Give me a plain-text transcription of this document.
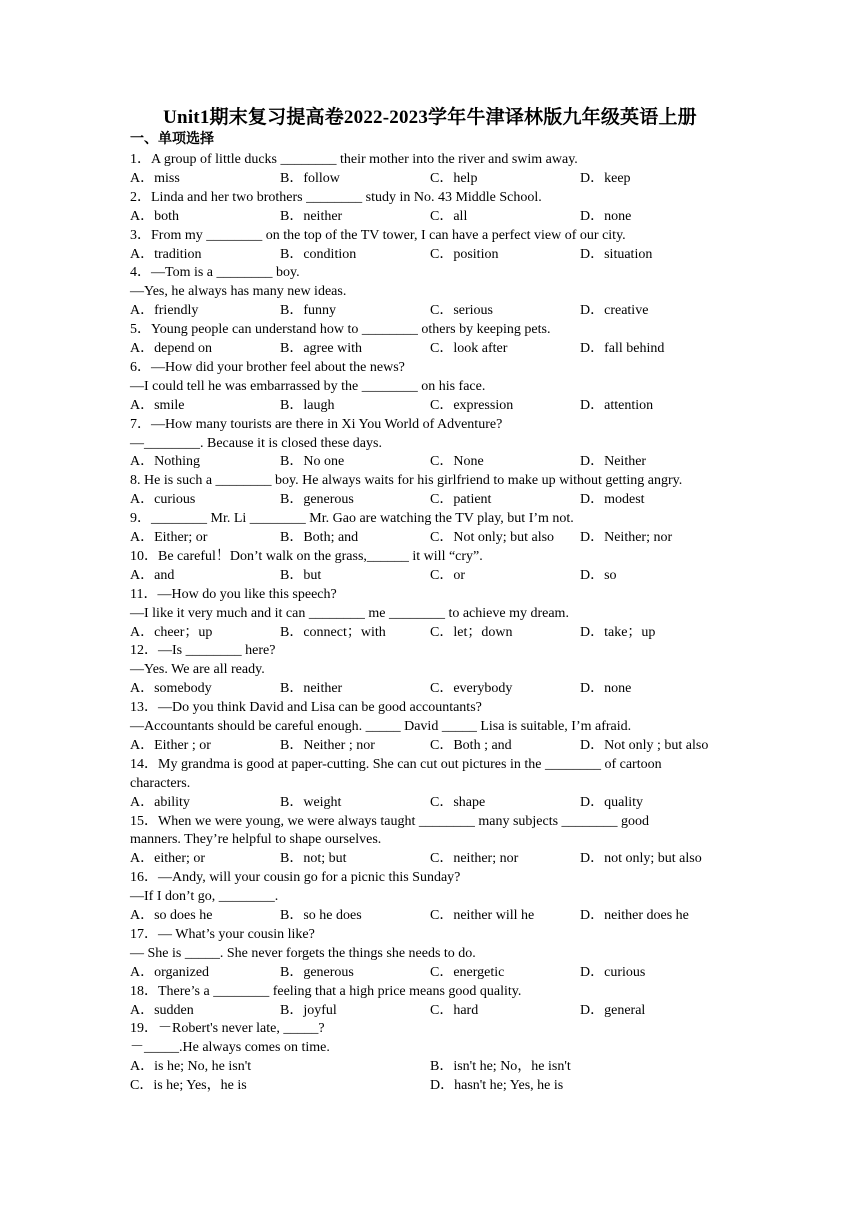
Unit1期末复习提高卷2022-2023学年牛津译林版九年级英语上册
一、单项选择
1．A group of little ducks ________ their mother into the river and swim away.
A．miss	B．follow	C．help	D．keep
2．Linda and her two brothers ________ study in No. 43 Middle School.
A．both	B．neither	C．all	D．none
3．From my ________ on the top of the TV tower, I can have a perfect view of our city.
A．tradition	B．condition	C．position	D．situation
4．—Tom is a ________ boy.
—Yes, he always has many new ideas.
A．friendly	B．funny	C．serious	D．creative
5．Young people can understand how to ________ others by keeping pets.
A．depend on	B．agree with	C．look after	D．fall behind
6．—How did your brother feel about the news?
—I could tell he was embarrassed by the ________ on his face.
A．smile	B．laugh	C．expression	D．attention
7．—How many tourists are there in Xi You World of Adventure?
—________. Because it is closed these days.
A．Nothing	B．No one	C．None	D．Neither
8. He is such a ________ boy. He always waits for his girlfriend to make up without getting angry.
A．curious	B．generous	C．patient	D．modest
9．________ Mr. Li ________ Mr. Gao are watching the TV play, but I’m not.
A．Either; or	B．Both; and	C．Not only; but also D．Neither; nor
10．Be careful！Don’t walk on the grass,______ it will “cry”.
A．and	B．but	C．or	D．so
11．—How do you like this speech?
—I like it very much and it can ________ me ________ to achieve my dream.
A．cheer；up	B．connect；with	C．let；down	D．take；up
12．—Is ________ here?
—Yes. We are all ready.
A．somebody	B．neither	C．everybody	D．none
13．—Do you think David and Lisa can be good accountants?
—Accountants should be careful enough. _____ David _____ Lisa is suitable, I’m afraid.
A．Either ; or	B．Neither ; nor	C．Both ; and	D．Not only ; but also
14．My grandma is good at paper-cutting. She can cut out pictures in the ________ of cartoon
characters.
A．ability	B．weight	C．shape	D．quality
15．When we were young, we were always taught ________ many subjects ________ good
manners. They’re helpful to shape ourselves.
A．either; or	B．not; but	C．neither; nor	D．not only; but also
16．—Andy, will your cousin go for a picnic this Sunday?
—If I don’t go, ________.
A．so does he	B．so he does	C．neither will he	D．neither does he
17．— What’s your cousin like?
— She is _____. She never forgets the things she needs to do.
A．organized	B．generous	C．energetic	D．curious
18．There’s a ________ feeling that a high price means good quality.
A．sudden	B．joyful	C．hard	D．general
19．－Robert's never late, _____?
－_____.He always comes on time.
A．is he; No, he isn't	B．isn't he; No，he isn't
C．is he; Yes，he is	D．hasn't he; Yes, he is
